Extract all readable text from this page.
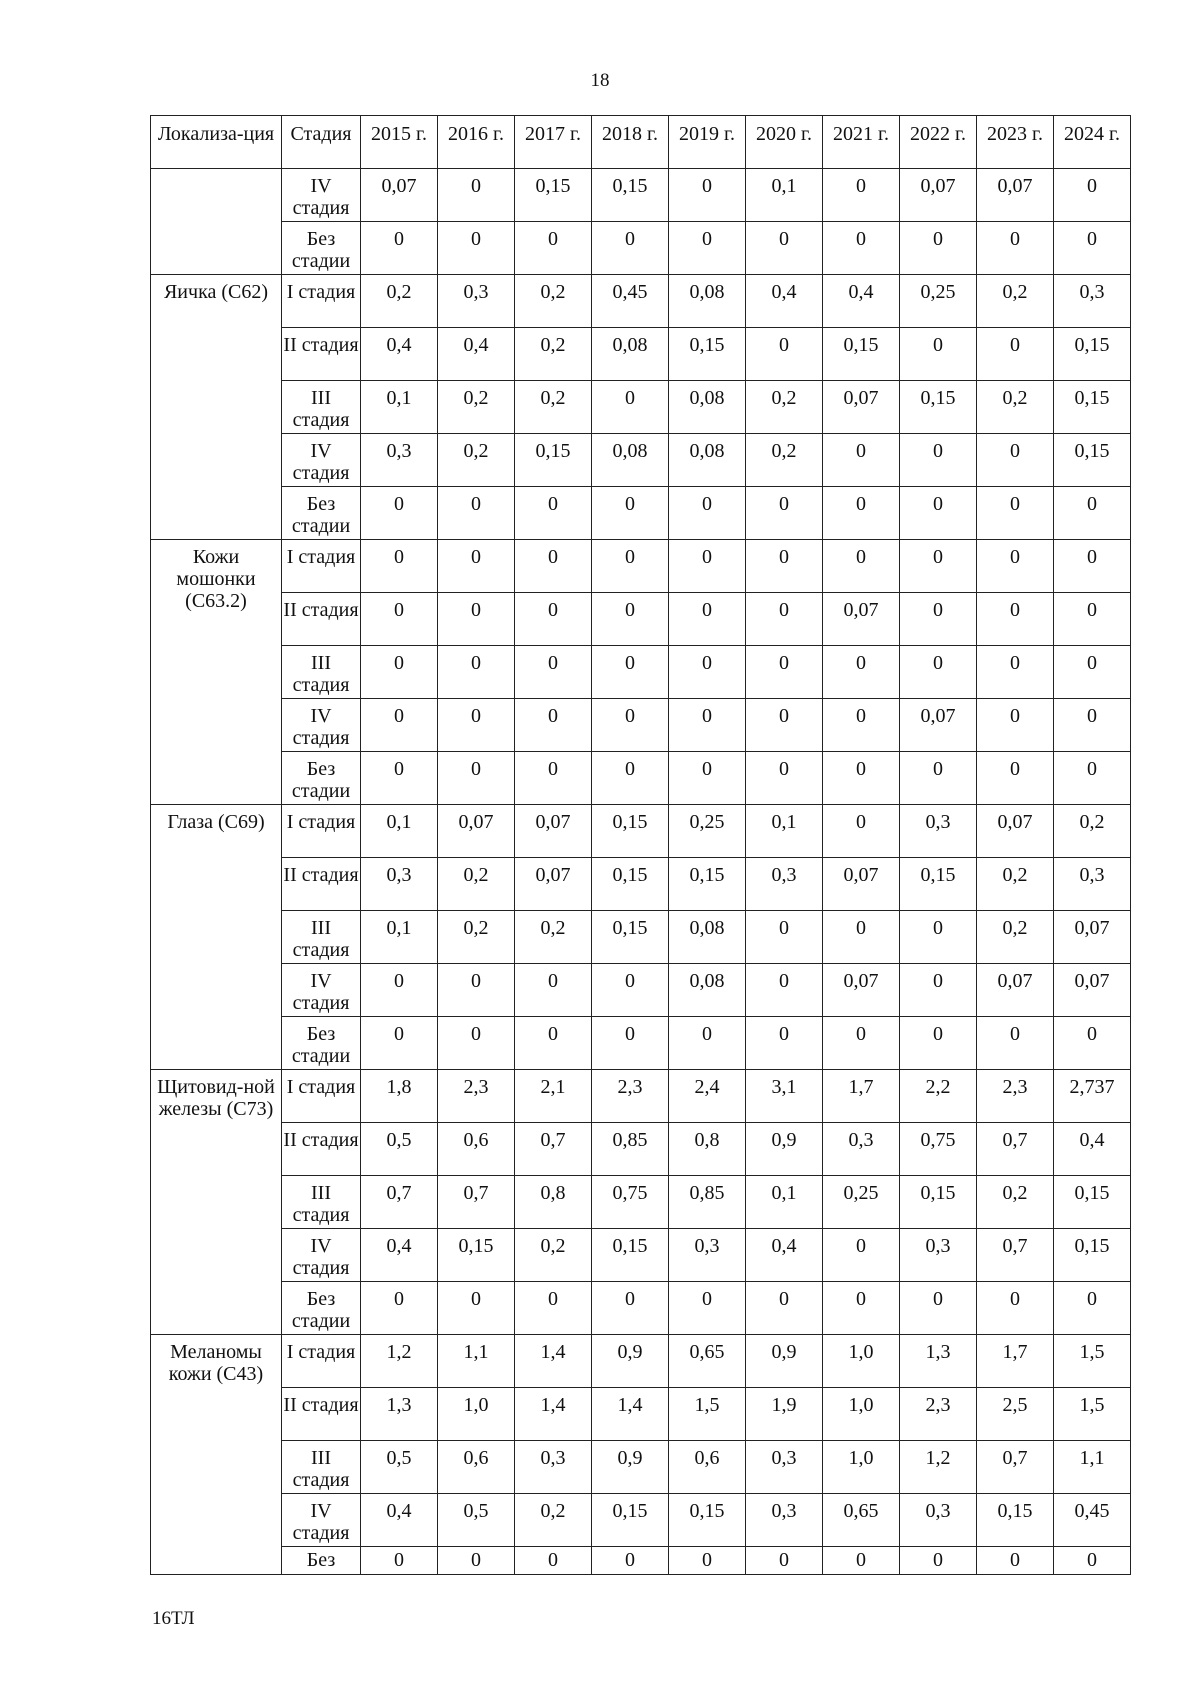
18
Локализа-ция	Стадия	2015 г.	2016 г.	2017 г.	2018 г.	2019 г.	2020 г.	2021 г.	2022 г.	2023 г.	2024 г.
	IV стадия	0,07	0	0,15	0,15	0	0,1	0	0,07	0,07	0
	Без стадии	0	0	0	0	0	0	0	0	0	0
Яичка (С62)	I стадия	0,2	0,3	0,2	0,45	0,08	0,4	0,4	0,25	0,2	0,3
	II стадия	0,4	0,4	0,2	0,08	0,15	0	0,15	0	0	0,15
	III стадия	0,1	0,2	0,2	0	0,08	0,2	0,07	0,15	0,2	0,15
	IV стадия	0,3	0,2	0,15	0,08	0,08	0,2	0	0	0	0,15
	Без стадии	0	0	0	0	0	0	0	0	0	0
Кожи мошонки (С63.2)	I стадия	0	0	0	0	0	0	0	0	0	0
	II стадия	0	0	0	0	0	0	0,07	0	0	0
	III стадия	0	0	0	0	0	0	0	0	0	0
	IV стадия	0	0	0	0	0	0	0	0,07	0	0
	Без стадии	0	0	0	0	0	0	0	0	0	0
Глаза (С69)	I стадия	0,1	0,07	0,07	0,15	0,25	0,1	0	0,3	0,07	0,2
	II стадия	0,3	0,2	0,07	0,15	0,15	0,3	0,07	0,15	0,2	0,3
	III стадия	0,1	0,2	0,2	0,15	0,08	0	0	0	0,2	0,07
	IV стадия	0	0	0	0	0,08	0	0,07	0	0,07	0,07
	Без стадии	0	0	0	0	0	0	0	0	0	0
Щитовид-ной железы (С73)	I стадия	1,8	2,3	2,1	2,3	2,4	3,1	1,7	2,2	2,3	2,737
	II стадия	0,5	0,6	0,7	0,85	0,8	0,9	0,3	0,75	0,7	0,4
	III стадия	0,7	0,7	0,8	0,75	0,85	0,1	0,25	0,15	0,2	0,15
	IV стадия	0,4	0,15	0,2	0,15	0,3	0,4	0	0,3	0,7	0,15
	Без стадии	0	0	0	0	0	0	0	0	0	0
Меланомы кожи (С43)	I стадия	1,2	1,1	1,4	0,9	0,65	0,9	1,0	1,3	1,7	1,5
	II стадия	1,3	1,0	1,4	1,4	1,5	1,9	1,0	2,3	2,5	1,5
	III стадия	0,5	0,6	0,3	0,9	0,6	0,3	1,0	1,2	0,7	1,1
	IV стадия	0,4	0,5	0,2	0,15	0,15	0,3	0,65	0,3	0,15	0,45
	Без	0	0	0	0	0	0	0	0	0	0
16ТЛ
